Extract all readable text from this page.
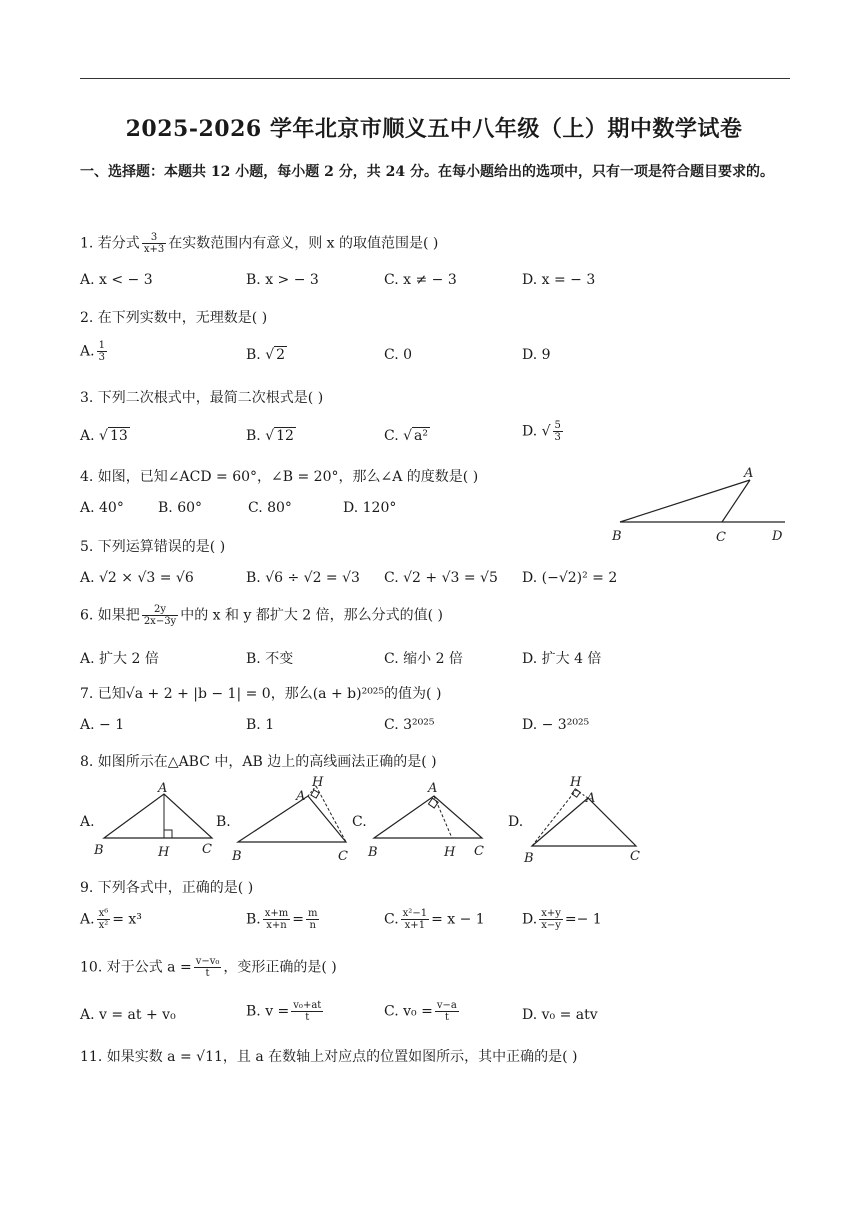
2025-2026 学年北京市顺义五中八年级（上）期中数学试卷
一、选择题：本题共 12 小题，每小题 2 分，共 24 分。在每小题给出的选项中，只有一项是符合题目要求的。
1. 若分式 $\frac{3}{x+3}$ 在实数范围内有意义，则 x 的取值范围是( )
A. x < − 3	B. x > − 3	C. x ≠ − 3	D. x = − 3
2. 在下列实数中，无理数是( )
A. $\frac{1}{3}$	B. √ 2	C. 0	D. 9
3. 下列二次根式中，最简二次根式是( )
A. √ 13	B. √ 12	C. √ a²	D. √ $\frac{5}{3}$
4. 如图，已知∠ACD = 60°，∠B = 20°，那么∠A 的度数是( )
A. 40° B. 60°	C. 80°	D. 120°
A
B	C	D
5. 下列运算错误的是( )
A. √2 × √3 = √6	B. √6 ÷ √2 = √3 C. √2 + √3 = √5 D. (−√2)² = 2
6. 如果把 $\frac{2y}{2x-3y}$ 中的 x 和 y 都扩大 2 倍，那么分式的值( )
A. 扩大 2 倍	B. 不变	C. 缩小 2 倍	D. 扩大 4 倍
7. 已知√a + 2 + |b − 1| = 0，那么(a + b)²⁰²⁵的值为( )
A. − 1	B. 1	C. 3²⁰²⁵	D. − 3²⁰²⁵
8. 如图所示在△ABC 中，AB 边上的高线画法正确的是( )
A.
A
B	C
H
B.
A
H
B	C
C.
A
B	H C
D.
H
A
B	C
9. 下列各式中，正确的是( )
A. $\frac{\text{x⁶}}{\text{x²}} = x^3$	B. $\frac{x+m}{x+n} = \frac{m}{n}$	C. $\frac{\text{x²−1}}{x+1} = x - 1$	D. $\frac{x+y}{x-y} =- 1$
10. 对于公式 $a = \frac{\text{v−v₀}}{t}$ ，变形正确的是( )
A. v = at + v₀	B. $v = \frac{\text{v₀+at}}{t}$	C. $v_0 = \frac{v-a}{t}$	D. v₀ = atv
11. 如果实数 a = √11，且 a 在数轴上对应点的位置如图所示，其中正确的是( )
